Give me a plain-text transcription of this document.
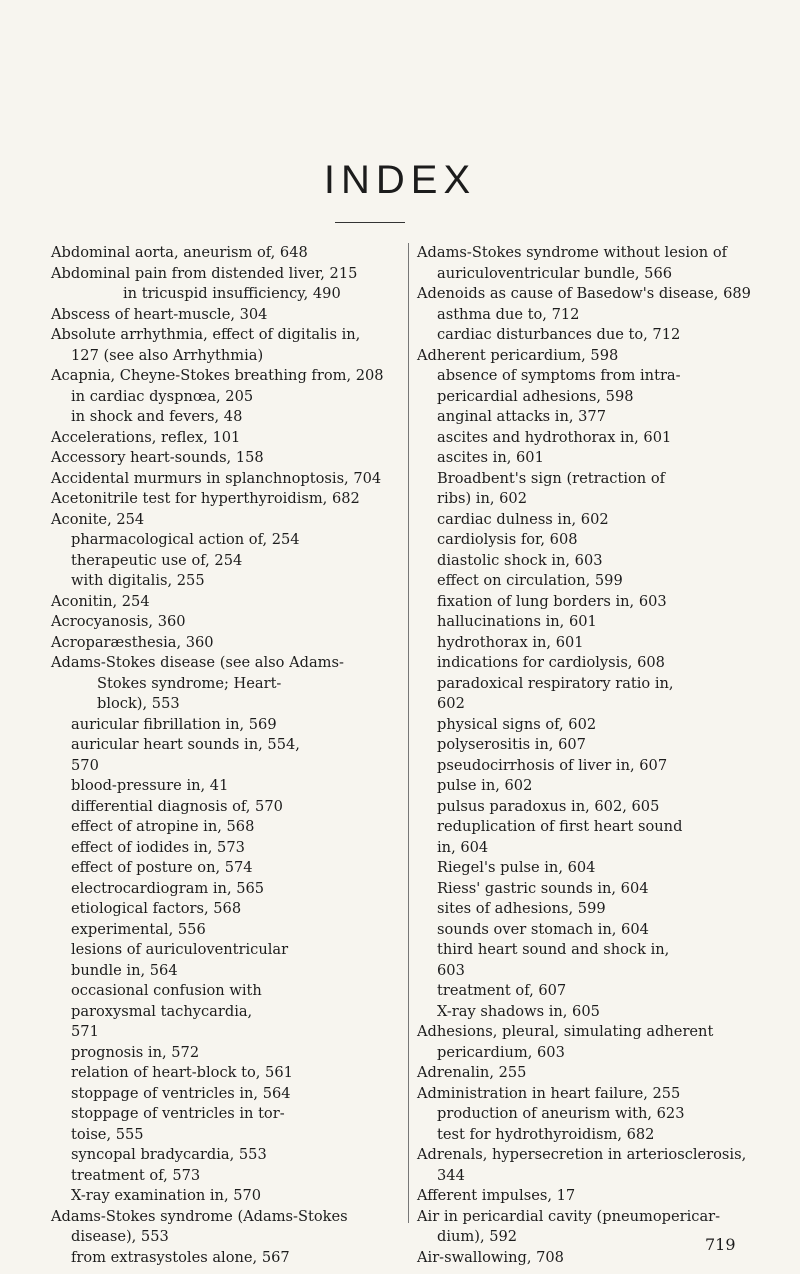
INDEX
Abdominal aorta, aneurism of, 648
Abdominal pain from distended liver, 215
in tricuspid insufficiency, 490
Abscess of heart-muscle, 304
Absolute arrhythmia, effect of digitalis in,
127 (see also Arrhythmia)
Acapnia, Cheyne-Stokes breathing from, 208
in cardiac dyspnœa, 205
in shock and fevers, 48
Accelerations, reflex, 101
Accessory heart-sounds, 158
Accidental murmurs in splanchnoptosis, 704
Acetonitrile test for hyperthyroidism, 682
Aconite, 254
pharmacological action of, 254
therapeutic use of, 254
with digitalis, 255
Aconitin, 254
Acrocyanosis, 360
Acroparæsthesia, 360
Adams-Stokes disease (see also Adams-
Stokes syndrome; Heart-
block), 553
auricular fibrillation in, 569
auricular heart sounds in, 554,
570
blood-pressure in, 41
differential diagnosis of, 570
effect of atropine in, 568
effect of iodides in, 573
effect of posture on, 574
electrocardiogram in, 565
etiological factors, 568
experimental, 556
lesions of auriculoventricular
bundle in, 564
occasional confusion with
paroxysmal tachycardia,
571
prognosis in, 572
relation of heart-block to, 561
stoppage of ventricles in, 564
stoppage of ventricles in tor-
toise, 555
syncopal bradycardia, 553
treatment of, 573
X-ray examination in, 570
Adams-Stokes syndrome (Adams-Stokes
disease), 553
from extrasystoles alone, 567
Adams-Stokes syndrome without lesion of
auriculoventricular bundle, 566
Adenoids as cause of Basedow's disease, 689
asthma due to, 712
cardiac disturbances due to, 712
Adherent pericardium, 598
absence of symptoms from intra-
pericardial adhesions, 598
anginal attacks in, 377
ascites and hydrothorax in, 601
ascites in, 601
Broadbent's sign (retraction of
ribs) in, 602
cardiac dulness in, 602
cardiolysis for, 608
diastolic shock in, 603
effect on circulation, 599
fixation of lung borders in, 603
hallucinations in, 601
hydrothorax in, 601
indications for cardiolysis, 608
paradoxical respiratory ratio in,
602
physical signs of, 602
polyserositis in, 607
pseudocirrhosis of liver in, 607
pulse in, 602
pulsus paradoxus in, 602, 605
reduplication of first heart sound
in, 604
Riegel's pulse in, 604
Riess' gastric sounds in, 604
sites of adhesions, 599
sounds over stomach in, 604
third heart sound and shock in,
603
treatment of, 607
X-ray shadows in, 605
Adhesions, pleural, simulating adherent
pericardium, 603
Adrenalin, 255
Administration in heart failure, 255
production of aneurism with, 623
test for hydrothyroidism, 682
Adrenals, hypersecretion in arteriosclerosis,
344
Afferent impulses, 17
Air in pericardial cavity (pneumopericar-
dium), 592
Air-swallowing, 708
719
